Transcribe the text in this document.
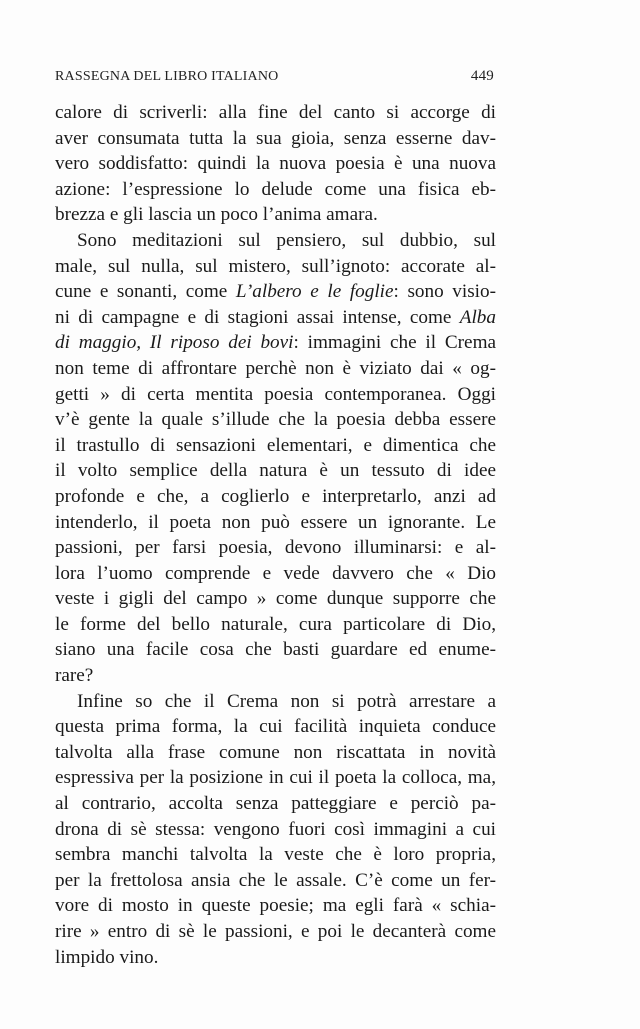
RASSEGNA DEL LIBRO ITALIANO	449
calore di scriverli: alla fine del canto si accorge di
aver consumata tutta la sua gioia, senza esserne dav-
vero soddisfatto: quindi la nuova poesia è una nuova
azione: l’espressione lo delude come una fisica eb-
brezza e gli lascia un poco l’anima amara.
Sono meditazioni sul pensiero, sul dubbio, sul
male, sul nulla, sul mistero, sull’ignoto: accorate al-
cune e sonanti, come L’albero e le foglie: sono visio-
ni di campagne e di stagioni assai intense, come Alba
di maggio, Il riposo dei bovi: immagini che il Crema
non teme di affrontare perchè non è viziato dai « og-
getti » di certa mentita poesia contemporanea. Oggi
v’è gente la quale s’illude che la poesia debba essere
il trastullo di sensazioni elementari, e dimentica che
il volto semplice della natura è un tessuto di idee
profonde e che, a coglierlo e interpretarlo, anzi ad
intenderlo, il poeta non può essere un ignorante. Le
passioni, per farsi poesia, devono illuminarsi: e al-
lora l’uomo comprende e vede davvero che « Dio
veste i gigli del campo » come dunque supporre che
le forme del bello naturale, cura particolare di Dio,
siano una facile cosa che basti guardare ed enume-
rare?
Infine so che il Crema non si potrà arrestare a
questa prima forma, la cui facilità inquieta conduce
talvolta alla frase comune non riscattata in novità
espressiva per la posizione in cui il poeta la colloca, ma,
al contrario, accolta senza patteggiare e perciò pa-
drona di sè stessa: vengono fuori così immagini a cui
sembra manchi talvolta la veste che è loro propria,
per la frettolosa ansia che le assale. C’è come un fer-
vore di mosto in queste poesie; ma egli farà « schia-
rire » entro di sè le passioni, e poi le decanterà come
limpido vino.
